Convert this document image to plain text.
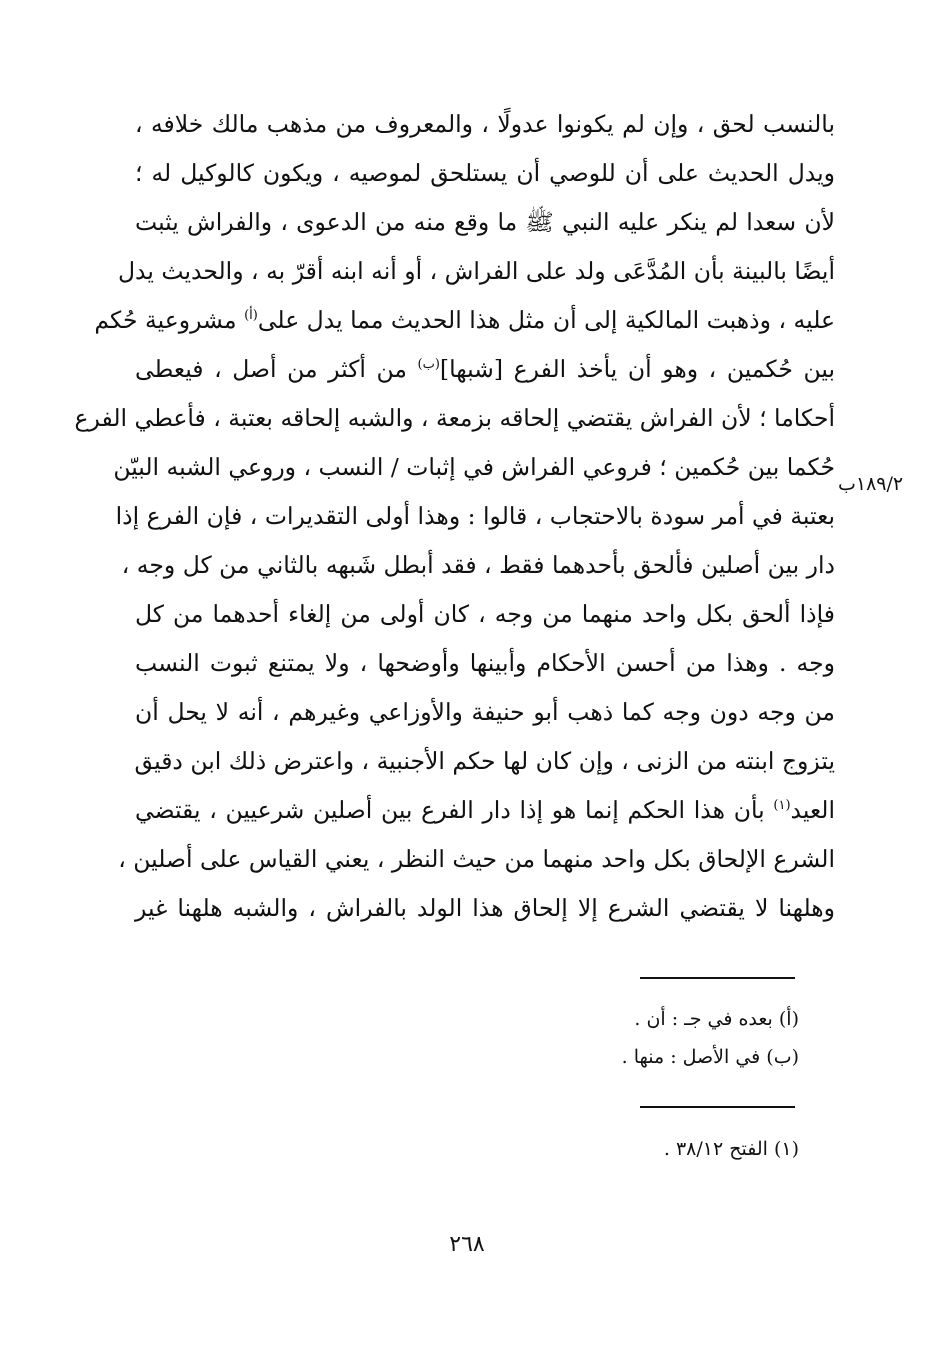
بالنسب لحق ، وإن لم يكونوا عدولًا ، والمعروف من مذهب مالك خلافه ،
ويدل الحديث على أن للوصي أن يستلحق لموصيه ، ويكون كالوكيل له ؛
لأن سعدا لم ينكر عليه النبي ﷺ ما وقع منه من الدعوى ، والفراش يثبت
أيضًا بالبينة بأن المُدَّعَى ولد على الفراش ، أو أنه ابنه أقرّ به ، والحديث يدل
عليه ، وذهبت المالكية إلى أن مثل هذا الحديث مما يدل على$^{(أ)}$ مشروعية حُكم
بين حُكمين ، وهو أن يأخذ الفرع [شبها]$^{(ب)}$ من أكثر من أصل ، فيعطى
أحكاما ؛ لأن الفراش يقتضي إلحاقه بزمعة ، والشبه إلحاقه بعتبة ، فأعطي الفرع
حُكما بين حُكمين ؛ فروعي الفراش في إثبات / النسب ، وروعي الشبه البيّن
بعتبة في أمر سودة بالاحتجاب ، قالوا : وهذا أولى التقديرات ، فإن الفرع إذا
دار بين أصلين فألحق بأحدهما فقط ، فقد أبطل شَبهه بالثاني من كل وجه ،
فإذا ألحق بكل واحد منهما من وجه ، كان أولى من إلغاء أحدهما من كل
وجه . وهذا من أحسن الأحكام وأبينها وأوضحها ، ولا يمتنع ثبوت النسب
من وجه دون وجه كما ذهب أبو حنيفة والأوزاعي وغيرهم ، أنه لا يحل أن
يتزوج ابنته من الزنى ، وإن كان لها حكم الأجنبية ، واعترض ذلك ابن دقيق
العيد$^{(١)}$ بأن هذا الحكم إنما هو إذا دار الفرع بين أصلين شرعيين ، يقتضي
الشرع الإلحاق بكل واحد منهما من حيث النظر ، يعني القياس على أصلين ،
وهلهنا لا يقتضي الشرع إلا إلحاق هذا الولد بالفراش ، والشبه هلهنا غير
١٨٩/٢ب
(أ) بعده في جـ : أن .
(ب) في الأصل : منها .
(١) الفتح ٣٨/١٢ .
٢٦٨
